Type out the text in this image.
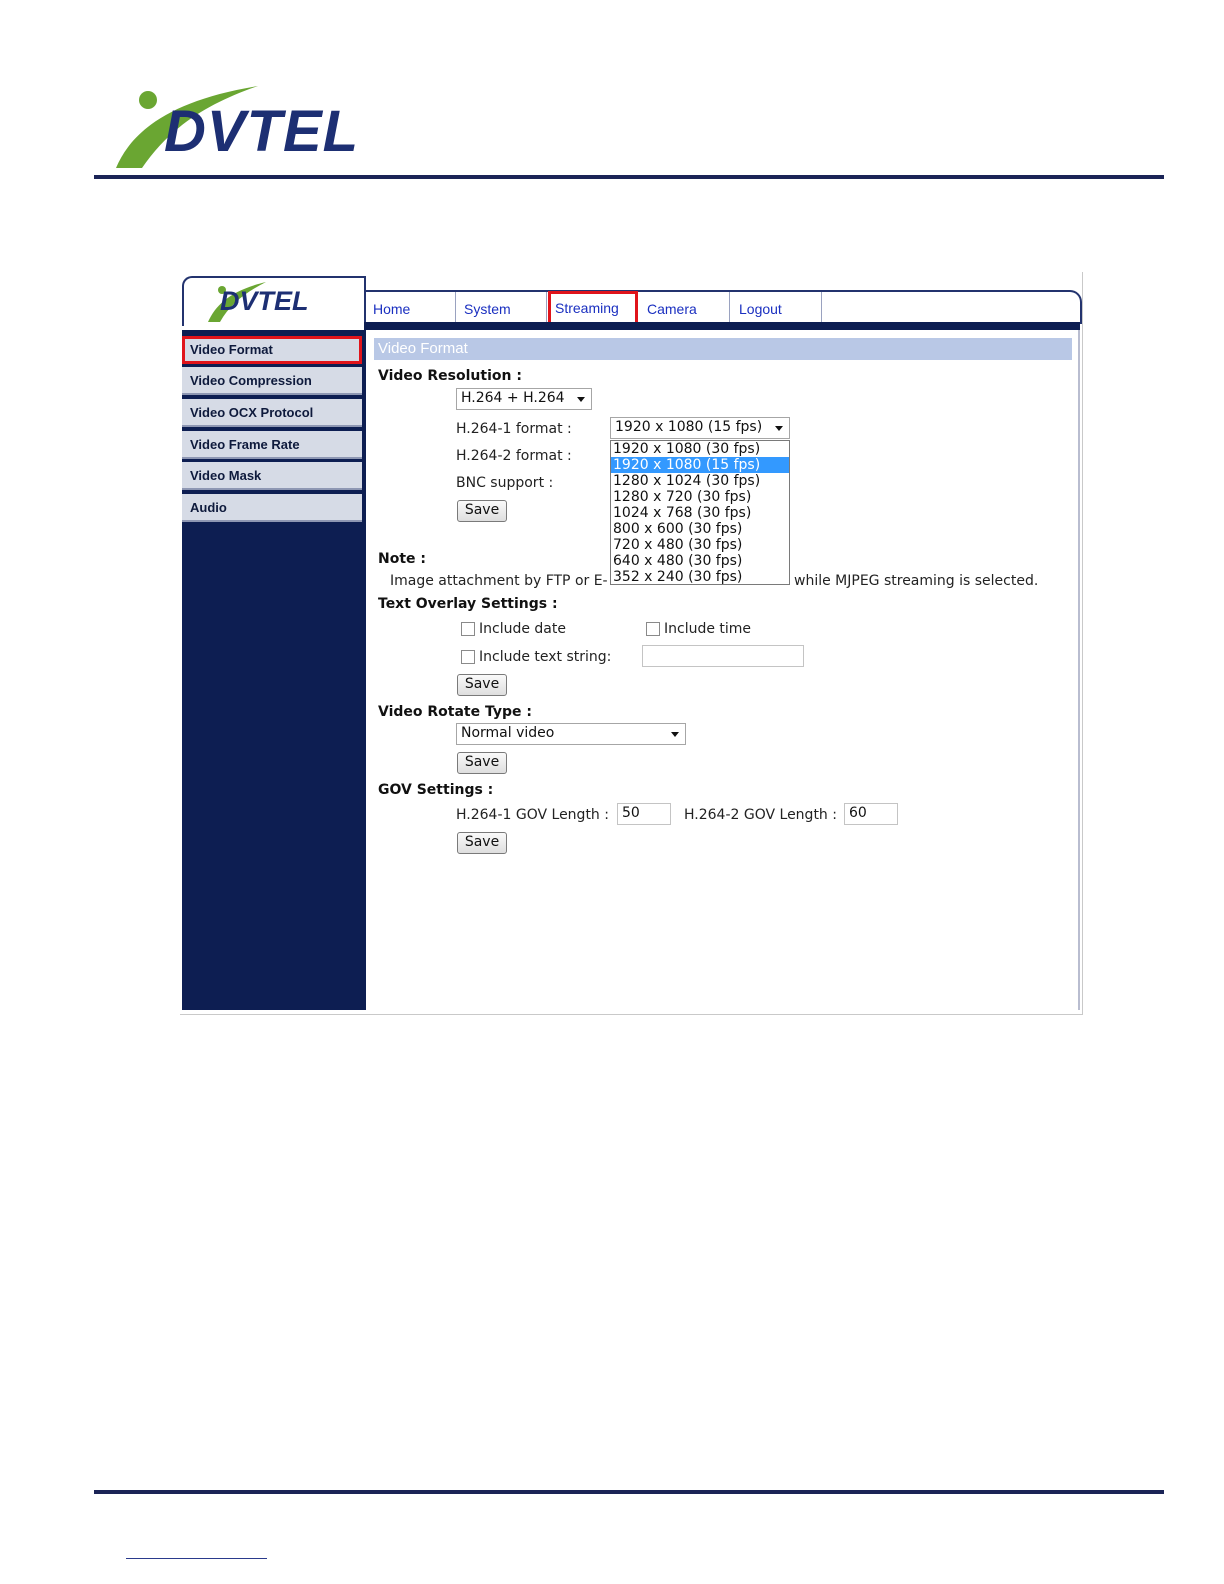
DVTEL
DVTEL	Home	System	Streaming	Camera	Logout
Video Format
Video Compression
Video OCX Protocol
Video Frame Rate
Video Mask
Audio
Video Format
Video Resolution :
H.264 + H.264
H.264-1 format :	1920 x 1080 (15 fps)
H.264-2 format :
BNC support :
Save
Note :
Image attachment by FTP or E-	while MJPEG streaming is selected.
Text Overlay Settings :
Include date	Include time
Include text string:
Save
Video Rotate Type :
Normal video
Save
GOV Settings :
H.264-1 GOV Length : 50	H.264-2 GOV Length : 60
Save
1920 x 1080 (30 fps)
1920 x 1080 (15 fps)
1280 x 1024 (30 fps)
1280 x 720 (30 fps)
1024 x 768 (30 fps)
800 x 600 (30 fps)
720 x 480 (30 fps)
640 x 480 (30 fps)
352 x 240 (30 fps)
